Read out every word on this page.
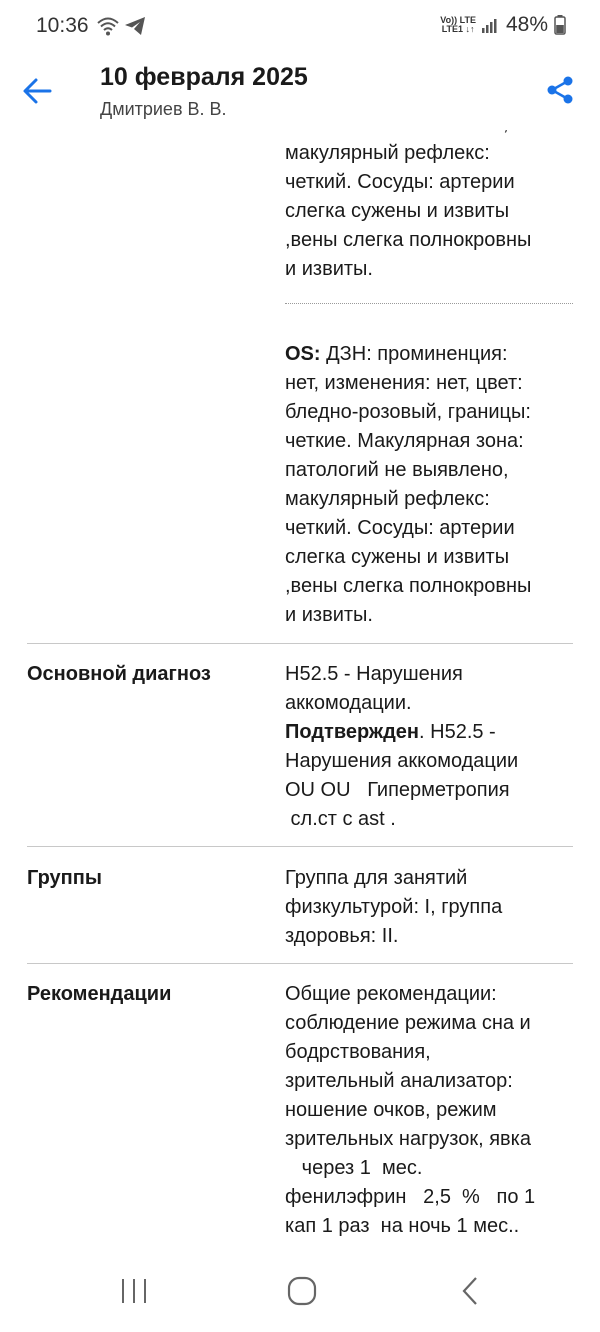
10:36	Vo)) LTE
LTE1 ↓↑ 48%
10 февраля 2025
Дмитриев В. В.
макулярный рефлекс:
четкий. Сосуды: артерии
слегка сужены и извиты
,вены слегка полнокровны
и извиты.
OS: ДЗН: проминенция:
нет, изменения: нет, цвет:
бледно-розовый, границы:
четкие. Макулярная зона:
патологий не выявлено,
макулярный рефлекс:
четкий. Сосуды: артерии
слегка сужены и извиты
,вены слегка полнокровны
и извиты.
Основной диагноз	H52.5 - Нарушения
аккомодации.
Подтвержден. H52.5 -
Нарушения аккомодации
OU OU   Гиперметропия
сл.ст с ast .
Группы	Группа для занятий
физкультурой: I, группа
здоровья: II.
Рекомендации	Общие рекомендации:
соблюдение режима сна и
бодрствования,
зрительный анализатор:
ношение очков, режим
зрительных нагрузок, явка
через 1  мес.
фенилэфрин   2,5  %   по 1
кап 1 раз  на ночь 1 мес..
